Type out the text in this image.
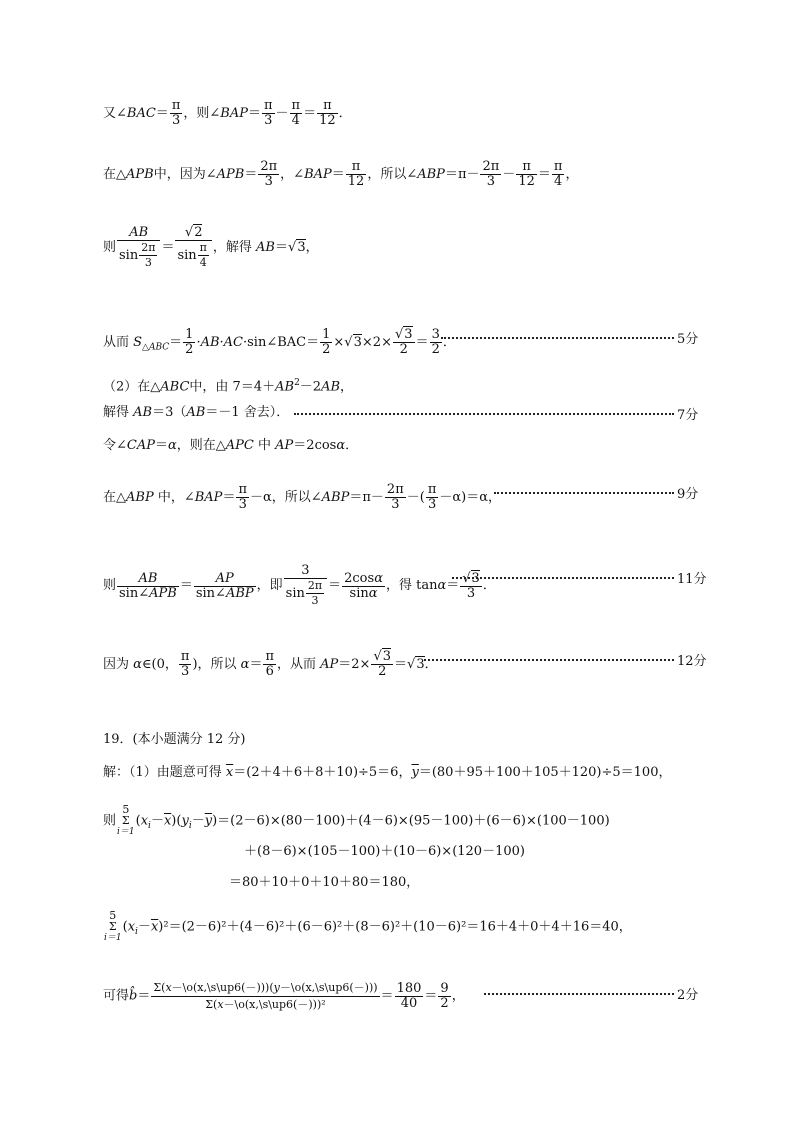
又∠BAC＝ $\frac{\pi}{3}$ ，则∠BAP＝ $\frac{\pi}{3} - \frac{\pi}{4} = \frac{\pi}{12}$ ．
在△APB中，因为∠APB＝ $\frac{2\pi}{3}$ ，∠BAP＝ $\frac{\pi}{12}$ ，所以∠ABP＝π－ $\frac{2\pi}{3} - \frac{\pi}{12} = \frac{\pi}{4}$ ，
则 $\frac{AB}{\sin \frac{2\pi}{3}} = \frac{√2}{\sin \frac{\pi}{4}}$ ，解得 AB＝√3，
从而 $S_{\triangle ABC}= \frac{1}{2}$ ·AB·AC·sin∠BAC＝ $\frac{1}{2} \times√3\times 2\times \frac{√3}{2} = \frac{3}{2}$ ．	5分
（2）在△ABC中，由 $7=4+AB^2-2AB$，
解得 AB＝3（AB＝－1 舍去）．	7分
令∠CAP＝α，则在△APC 中 AP＝2cosα．
在△ABP 中，∠BAP＝ $\frac{\pi}{3} -\alpha$，所以∠ABP＝π－ $\frac{2\pi}{3}$ －( $\frac{\pi}{3} -\alpha)=\alpha$，	9分
则 $\frac{AB}{\text{sin∠APB}} = \frac{AP}{\text{sin∠ABP}}$ ，即 $\frac{3}{\sin \frac{2\pi}{3}} = \frac{2\cos\alpha}{\sin\alpha}$ ，得 $\tan\alpha= \frac{√3}{3}$ ．	11分
因为 α∈(0， $\frac{\pi}{3}$ )，所以 $\alpha= \frac{\pi}{6}$ ，从而 $AP=2\times \frac{√3}{2} =√3$．	12分
19．(本小题满分 12 分)
解：（1）由题意可得 $\overline{x}=(2+4+6+8+10)\div 5=6$，$\overline{y}=(80+95+100+105+120)\div 5=100$，
则
5
Σ
i＝1
$(x_i-\overline{x})(y_i-\overline{y})=(2-6)\times(80-100)+(4-6)\times(95-100)+(6-6)\times(100-100)$
＋(8－6)×(105－100)＋(10－6)×(120－100)
＝80＋10＋0＋10＋80＝180，
5
Σ
i＝1
$(x_i-\overline{x})^2=(2-6)^2+(4-6)^2+(6-6)^2+(8-6)^2+(10-6)^2=16+4+0+4+16=40$，
可得$b= \frac{\Sigma(x-\backslash o(x,\backslash s\backslash up6(-)))(y-\backslash o(x,\backslash s\backslash up6(-)))}{\text{Σ(x－\textbackslash{}o(x,\textbackslash{}s\textbackslash{}up6(－)))²}} = \frac{180}{40} = \frac{9}{2}$ ，	2分
